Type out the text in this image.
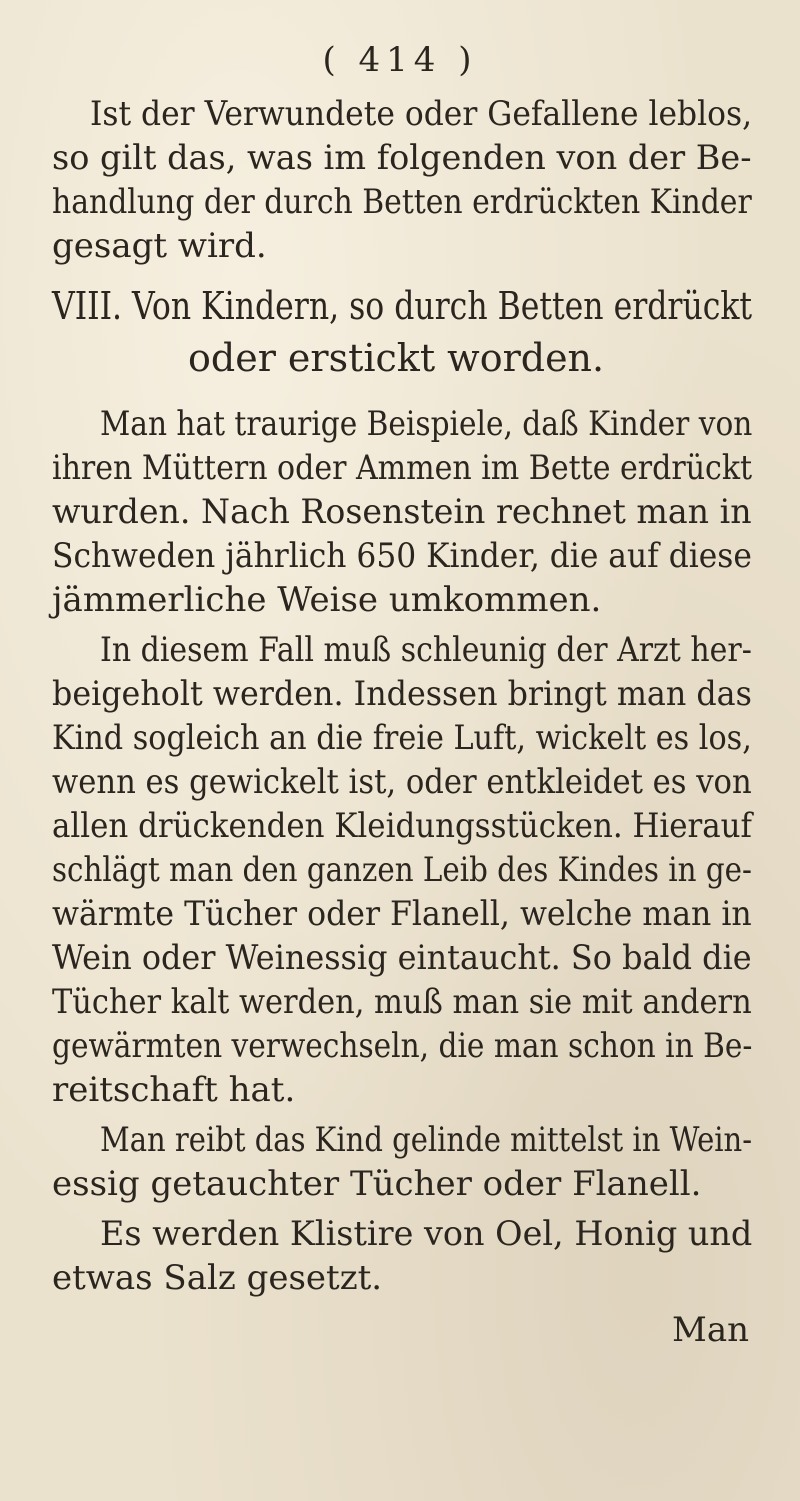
( 414 )
Ist der Verwundete oder Gefallene leblos,
so gilt das, was im folgenden von der Be-
handlung der durch Betten erdrückten Kinder
gesagt wird.
VIII. Von Kindern, so durch Betten erdrückt
oder erstickt worden.
Man hat traurige Beispiele, daß Kinder von
ihren Müttern oder Ammen im Bette erdrückt
wurden. Nach Rosenstein rechnet man in
Schweden jährlich 650 Kinder, die auf diese
jämmerliche Weise umkommen.
In diesem Fall muß schleunig der Arzt her-
beigeholt werden. Indessen bringt man das
Kind sogleich an die freie Luft, wickelt es los,
wenn es gewickelt ist, oder entkleidet es von
allen drückenden Kleidungsstücken. Hierauf
schlägt man den ganzen Leib des Kindes in ge-
wärmte Tücher oder Flanell, welche man in
Wein oder Weinessig eintaucht. So bald die
Tücher kalt werden, muß man sie mit andern
gewärmten verwechseln, die man schon in Be-
reitschaft hat.
Man reibt das Kind gelinde mittelst in Wein-
essig getauchter Tücher oder Flanell.
Es werden Klistire von Oel, Honig und
etwas Salz gesetzt.
Man
